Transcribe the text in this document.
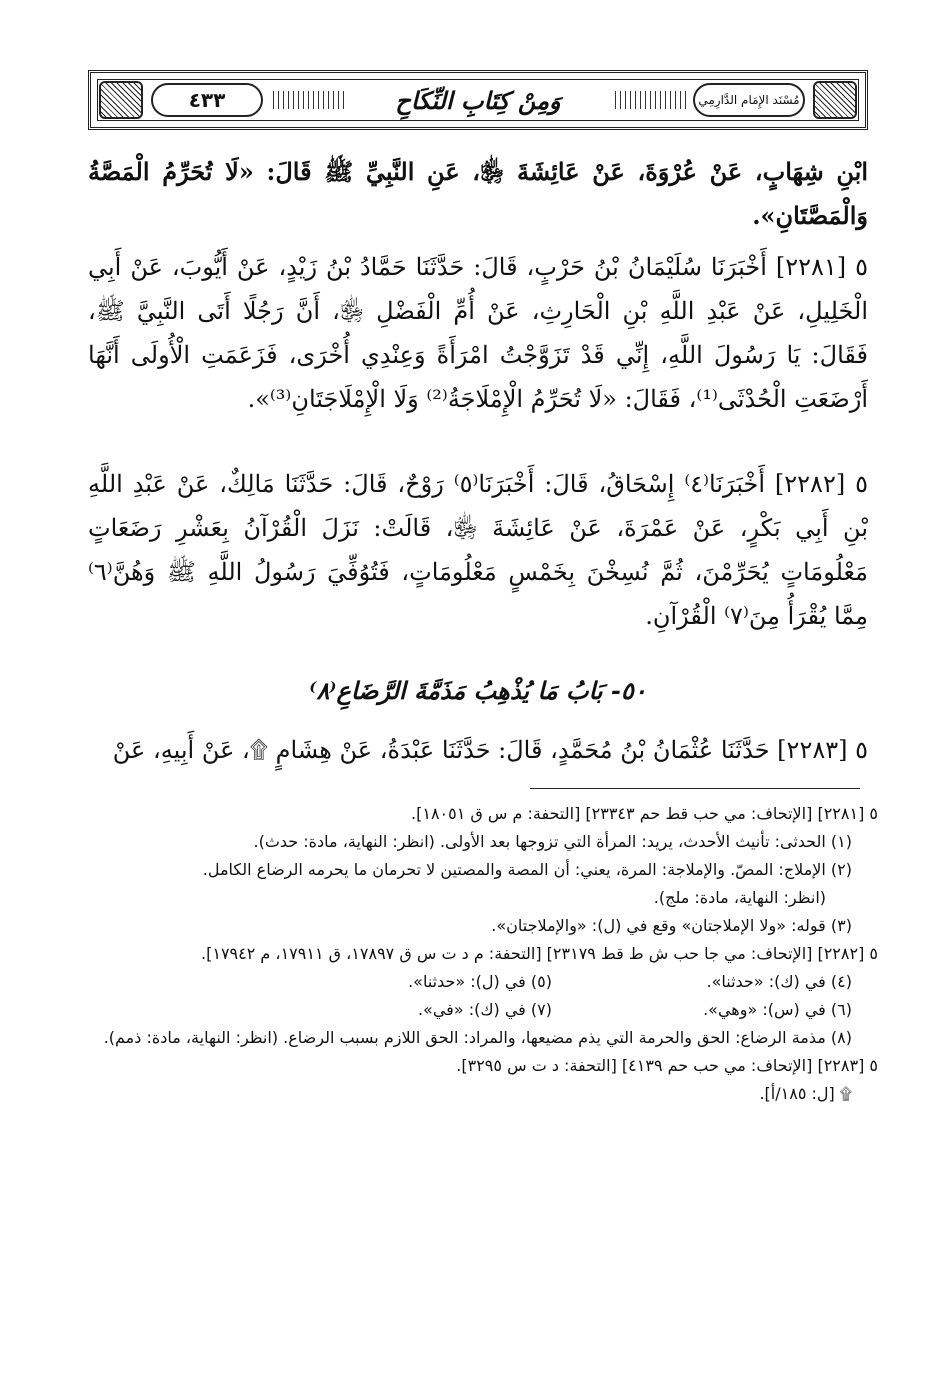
٤٣٣	مُسْنَد الإِمَام الدَّارِمِي
وَمِنْ كِتَابِ النِّكَاحِ

ابْنِ شِهَابٍ، عَنْ عُرْوَةَ، عَنْ عَائِشَةَ ﵂، عَنِ النَّبِيِّ ﷺ قَالَ: «لَا تُحَرِّمُ الْمَصَّةُ وَالْمَصَّتَانِ».

٥ [٢٢٨١] أَخْبَرَنَا سُلَيْمَانُ بْنُ حَرْبٍ، قَالَ: حَدَّثَنَا حَمَّادُ بْنُ زَيْدٍ، عَنْ أَيُّوبَ، عَنْ أَبِي الْخَلِيلِ، عَنْ عَبْدِ اللَّهِ بْنِ الْحَارِثِ، عَنْ أُمِّ الْفَضْلِ ﵂، أَنَّ رَجُلًا أَتَى النَّبِيَّ ﷺ، فَقَالَ: يَا رَسُولَ اللَّهِ، إِنِّي قَدْ تَزَوَّجْتُ امْرَأَةً وَعِنْدِي أُخْرَى، فَزَعَمَتِ الْأُولَى أَنَّهَا أَرْضَعَتِ الْحُدْثَى⁽¹⁾، فَقَالَ: «لَا تُحَرِّمُ الْإِمْلَاجَةُ⁽²⁾ وَلَا الْإِمْلَاجَتَانِ⁽³⁾».

٥ [٢٢٨٢] أَخْبَرَنَا⁽٤⁾ إِسْحَاقُ، قَالَ: أَخْبَرَنَا⁽٥⁾ رَوْحٌ، قَالَ: حَدَّثَنَا مَالِكٌ، عَنْ عَبْدِ اللَّهِ بْنِ أَبِي بَكْرٍ، عَنْ عَمْرَةَ، عَنْ عَائِشَةَ ﵂، قَالَتْ: نَزَلَ الْقُرْآنُ بِعَشْرِ رَضَعَاتٍ مَعْلُومَاتٍ يُحَرِّمْنَ، ثُمَّ نُسِخْنَ بِخَمْسٍ مَعْلُومَاتٍ، فَتُوُفِّيَ رَسُولُ اللَّهِ ﷺ وَهُنَّ⁽٦⁾ مِمَّا يُقْرَأُ مِنَ⁽٧⁾ الْقُرْآنِ.

٥٠- بَابُ مَا يُذْهِبُ مَذَمَّةَ الرَّضَاعِ⁽٨⁾

٥ [٢٢٨٣] حَدَّثَنَا عُثْمَانُ بْنُ مُحَمَّدٍ، قَالَ: حَدَّثَنَا عَبْدَةُ، عَنْ هِشَامٍ ۩، عَنْ أَبِيهِ، عَنْ

٥ [٢٢٨١] [الإتحاف: مي حب قط حم ٢٣٣٤٣] [التحفة: م س ق ١٨٠٥١].

(١) الحدثى: تأنيث الأحدث، يريد: المرأة التي تزوجها بعد الأولى. (انظر: النهاية، مادة: حدث).

(٢) الإملاج: المصّ. والإملاجة: المرة، يعني: أن المصة والمصتين لا تحرمان ما يحرمه الرضاع الكامل.

(انظر: النهاية، مادة: ملج).

(٣) قوله: «ولا الإملاجتان» وقع في (ل): «والإملاجتان».

٥ [٢٢٨٢] [الإتحاف: مي جا حب ش ط قط ٢٣١٧٩] [التحفة: م د ت س ق ١٧٨٩٧، ق ١٧٩١١، م ١٧٩٤٢].

(٤) في (ك): «حدثنا».
(٥) في (ل): «حدثنا».
(٦) في (س): «وهي».
(٧) في (ك): «في».

(٨) مذمة الرضاع: الحق والحرمة التي يذم مضيعها، والمراد: الحق اللازم بسبب الرضاع. (انظر: النهاية، مادة: ذمم).

٥ [٢٢٨٣] [الإتحاف: مي حب حم ٤١٣٩] [التحفة: د ت س ٣٢٩٥].

۩ [ل: ١٨٥/أ].
